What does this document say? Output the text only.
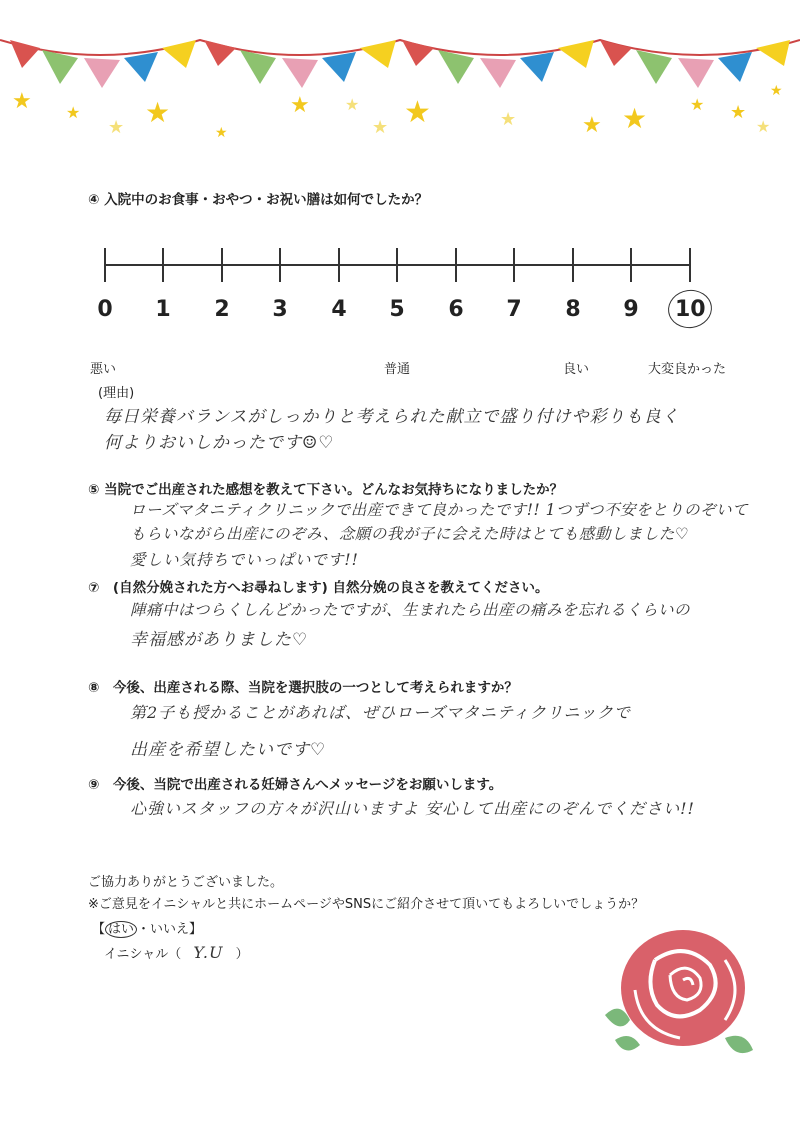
★ ★
★ ★
★
★ ★
★ ★	★	★ ★	★ ★
★
★
④ 入院中のお食事・おやつ・お祝い膳は如何でしたか？
0	1	2	3	4	5	6	7	8	9	10
悪い	普通	良い	大変良かった
(理由)
毎日栄養バランスがしっかりと考えられた献立で盛り付けや彩りも良く
何よりおいしかったです☺♡
⑤ 当院でご出産された感想を教えて下さい。どんなお気持ちになりましたか？
ローズマタニティクリニックで出産できて良かったです!! 1つずつ不安をとりのぞいて
もらいながら出産にのぞみ、念願の我が子に会えた時はとても感動しました♡
愛しい気持ちでいっぱいです!!
⑦　(自然分娩された方へお尋ねします) 自然分娩の良さを教えてください。
陣痛中はつらくしんどかったですが、生まれたら出産の痛みを忘れるくらいの
幸福感がありました♡
⑧　今後、出産される際、当院を選択肢の一つとして考えられますか？
第2子も授かることがあれば、ぜひローズマタニティクリニックで
出産を希望したいです♡
⑨　今後、当院で出産される妊婦さんへメッセージをお願いします。
心強いスタッフの方々が沢山いますよ 安心して出産にのぞんでください!!
ご協力ありがとうございました。
※ご意見をイニシャルと共にホームページやSNSにご紹介させて頂いてもよろしいでしょうか？
【 はい ・いいえ】
イニシャル（ Y.U ）
